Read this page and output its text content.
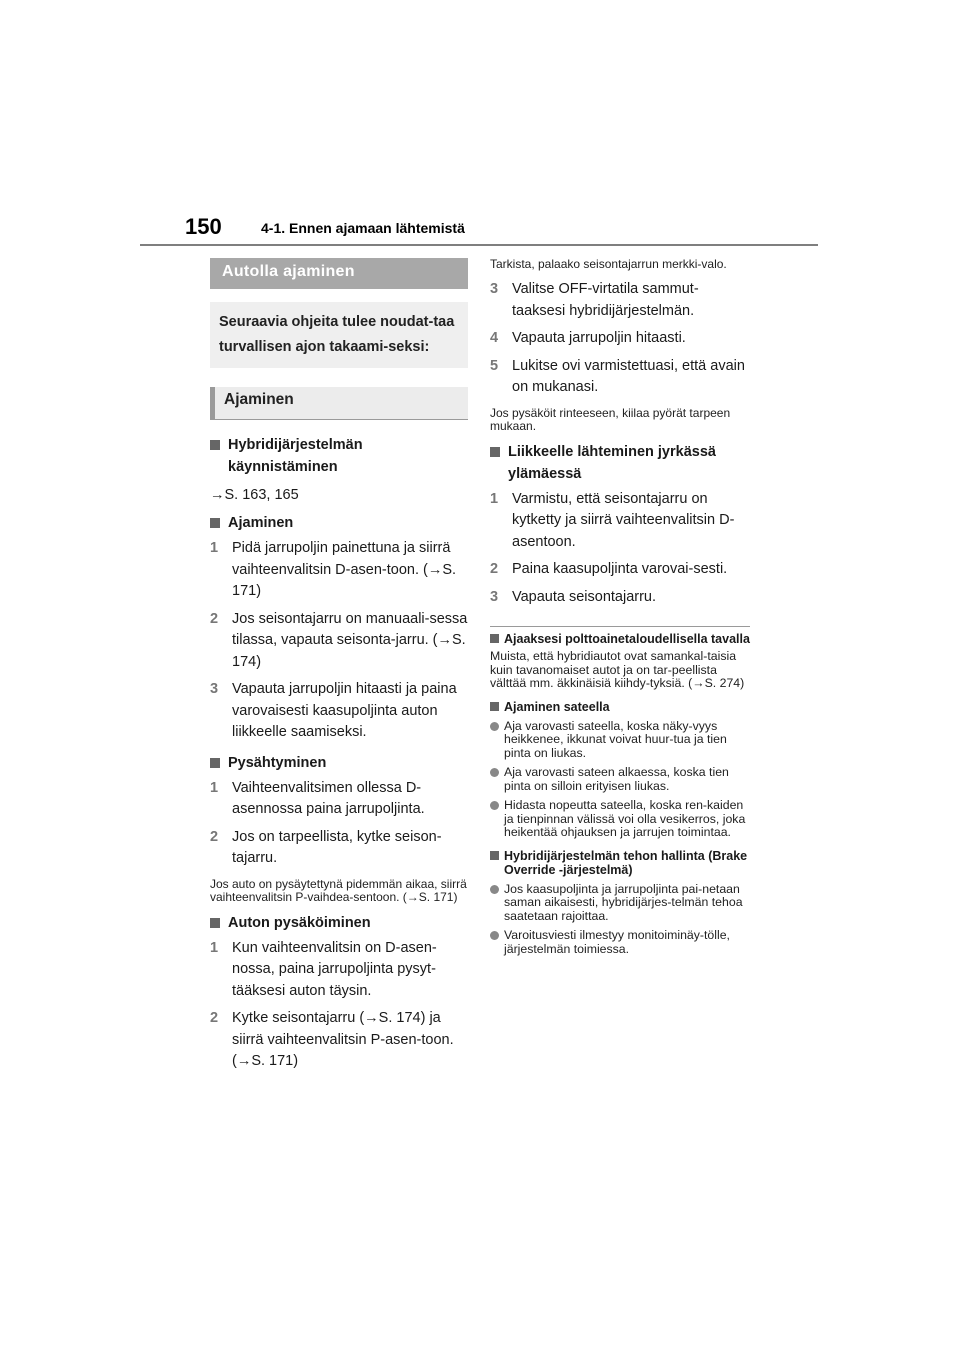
150	4-1. Ennen ajamaan lähtemistä
Autolla ajaminen
Seuraavia ohjeita tulee noudat-taa turvallisen ajon takaami-seksi:
Ajaminen
Hybridijärjestelmän käynnistäminen
→S. 163, 165
Ajaminen
1 Pidä jarrupoljin painettuna ja siirrä vaihteenvalitsin D-asen-toon. (→S. 171)
2 Jos seisontajarru on manuaali-sessa tilassa, vapauta seisonta-jarru. (→S. 174)
3 Vapauta jarrupoljin hitaasti ja paina varovaisesti kaasupoljinta auton liikkeelle saamiseksi.
Pysähtyminen
1 Vaihteenvalitsimen ollessa D-asennossa paina jarrupoljinta.
2 Jos on tarpeellista, kytke seison-tajarru.
Jos auto on pysäytettynä pidemmän aikaa, siirrä vaihteenvalitsin P-vaihdea-sentoon. (→S. 171)
Auton pysäköiminen
1 Kun vaihteenvalitsin on D-asen-nossa, paina jarrupoljinta pysyt-tääksesi auton täysin.
2 Kytke seisontajarru (→S. 174) ja siirrä vaihteenvalitsin P-asen-toon. (→S. 171)
Tarkista, palaako seisontajarrun merkki-valo.
3 Valitse OFF-virtatila sammut-taaksesi hybridijärjestelmän.
4 Vapauta jarrupoljin hitaasti.
5 Lukitse ovi varmistettuasi, että avain on mukanasi.
Jos pysäköit rinteeseen, kiilaa pyörät tarpeen mukaan.
Liikkeelle lähteminen jyrkässä ylämäessä
1 Varmistu, että seisontajarru on kytketty ja siirrä vaihteenvalitsin D-asentoon.
2 Paina kaasupoljinta varovai-sesti.
3 Vapauta seisontajarru.
Ajaaksesi polttoainetaloudellisella tavalla
Muista, että hybridiautot ovat samankal-taisia kuin tavanomaiset autot ja on tar-peellista välttää mm. äkkinäisiä kiihdy-tyksiä. (→S. 274)
Ajaminen sateella
Aja varovasti sateella, koska näky-vyys heikkenee, ikkunat voivat huur-tua ja tien pinta on liukas.
Aja varovasti sateen alkaessa, koska tien pinta on silloin erityisen liukas.
Hidasta nopeutta sateella, koska ren-kaiden ja tienpinnan välissä voi olla vesikerros, joka heikentää ohjauksen ja jarrujen toimintaa.
Hybridijärjestelmän tehon hallinta (Brake Override -järjestelmä)
Jos kaasupoljinta ja jarrupoljinta pai-netaan saman aikaisesti, hybridijärjes-telmän tehoa saatetaan rajoittaa.
Varoitusviesti ilmestyy monitoiminäy-tölle, järjestelmän toimiessa.
